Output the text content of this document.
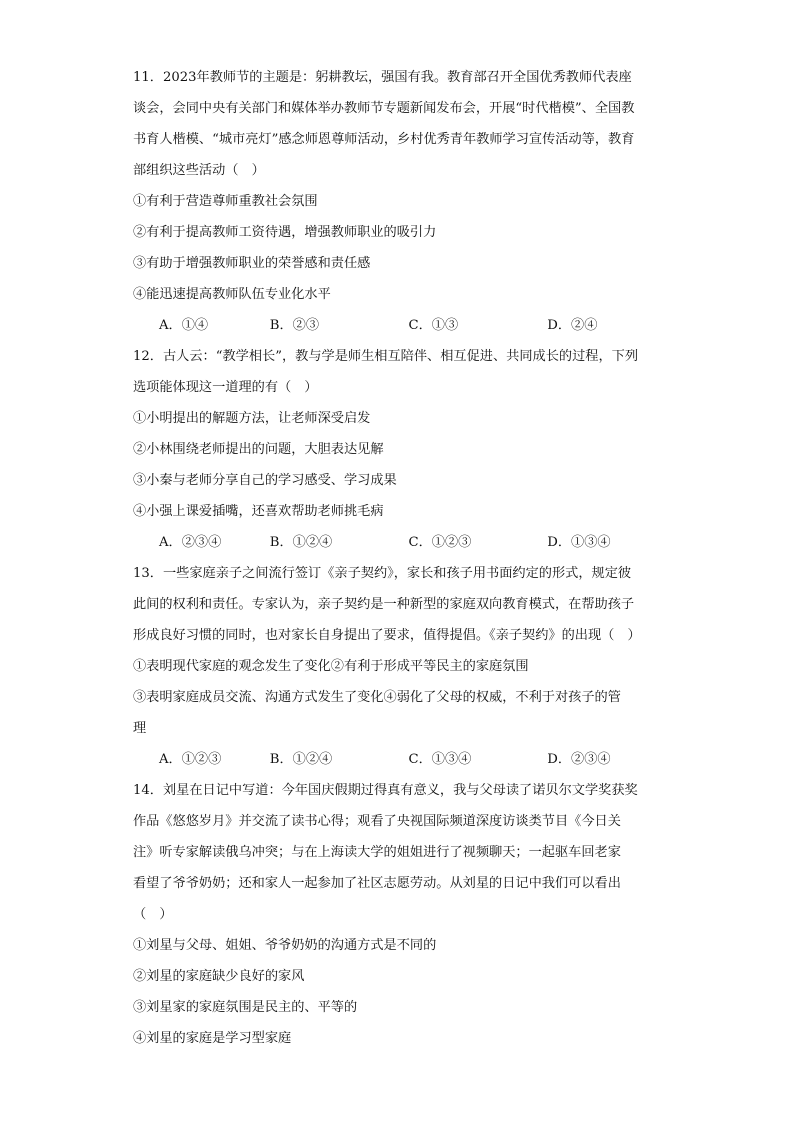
11．2023年教师节的主题是：躬耕教坛，强国有我。教育部召开全国优秀教师代表座
谈会，会同中央有关部门和媒体举办教师节专题新闻发布会，开展“时代楷模”、全国教
书育人楷模、“城市亮灯”感念师恩尊师活动，乡村优秀青年教师学习宣传活动等，教育
部组织这些活动（　）
①有利于营造尊师重教社会氛围
②有利于提高教师工资待遇，增强教师职业的吸引力
③有助于增强教师职业的荣誉感和责任感
④能迅速提高教师队伍专业化水平
A．①④	B．②③	C．①③	D．②④
12．古人云：“教学相长”，教与学是师生相互陪伴、相互促进、共同成长的过程，下列
选项能体现这一道理的有（　）
①小明提出的解题方法，让老师深受启发
②小林围绕老师提出的问题，大胆表达见解
③小秦与老师分享自己的学习感受、学习成果
④小强上课爱插嘴，还喜欢帮助老师挑毛病
A．②③④	B．①②④	C．①②③	D．①③④
13．一些家庭亲子之间流行签订《亲子契约》，家长和孩子用书面约定的形式，规定彼
此间的权利和责任。专家认为，亲子契约是一种新型的家庭双向教育模式，在帮助孩子
形成良好习惯的同时，也对家长自身提出了要求，值得提倡。《亲子契约》的出现（　）
①表明现代家庭的观念发生了变化②有利于形成平等民主的家庭氛围
③表明家庭成员交流、沟通方式发生了变化④弱化了父母的权威，不利于对孩子的管
理
A．①②③	B．①②④	C．①③④	D．②③④
14．刘星在日记中写道：今年国庆假期过得真有意义，我与父母读了诺贝尔文学奖获奖
作品《悠悠岁月》并交流了读书心得；观看了央视国际频道深度访谈类节目《今日关
注》听专家解读俄乌冲突；与在上海读大学的姐姐进行了视频聊天；一起驱车回老家
看望了爷爷奶奶；还和家人一起参加了社区志愿劳动。从刘星的日记中我们可以看出
（　）
①刘星与父母、姐姐、爷爷奶奶的沟通方式是不同的
②刘星的家庭缺少良好的家风
③刘星家的家庭氛围是民主的、平等的
④刘星的家庭是学习型家庭
